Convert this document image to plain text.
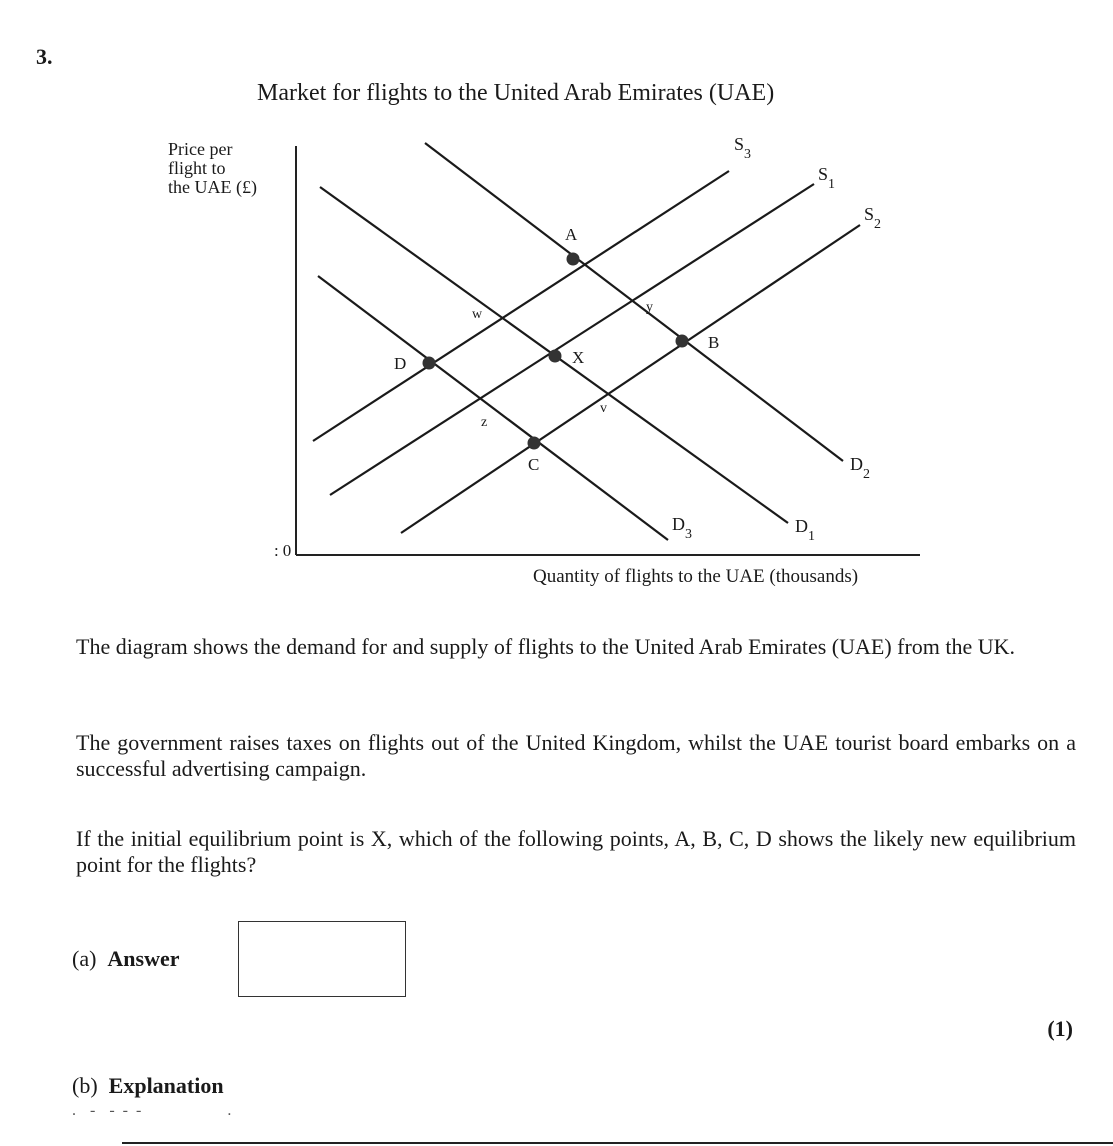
3.
Market for flights to the United Arab Emirates (UAE)
Price per
flight to
the UAE (£)
Quantity of flights to the UAE (thousands)
:0
$S_3$
$S_1$
$S_2$
$D_2$
$D_1$
$D_3$
A
B
X
C
D
w	y
z
v
The diagram shows the demand for and supply of flights to the United Arab Emirates (UAE) from the UK.
The government raises taxes on flights out of the United Kingdom, whilst the UAE tourist board embarks on a successful advertising campaign.
If the initial equilibrium point is X, which of the following points, A, B, C, D shows the likely new equilibrium point for the flights?
(a) Answer
(1)
(b) Explanation
.  -  - - -              .
